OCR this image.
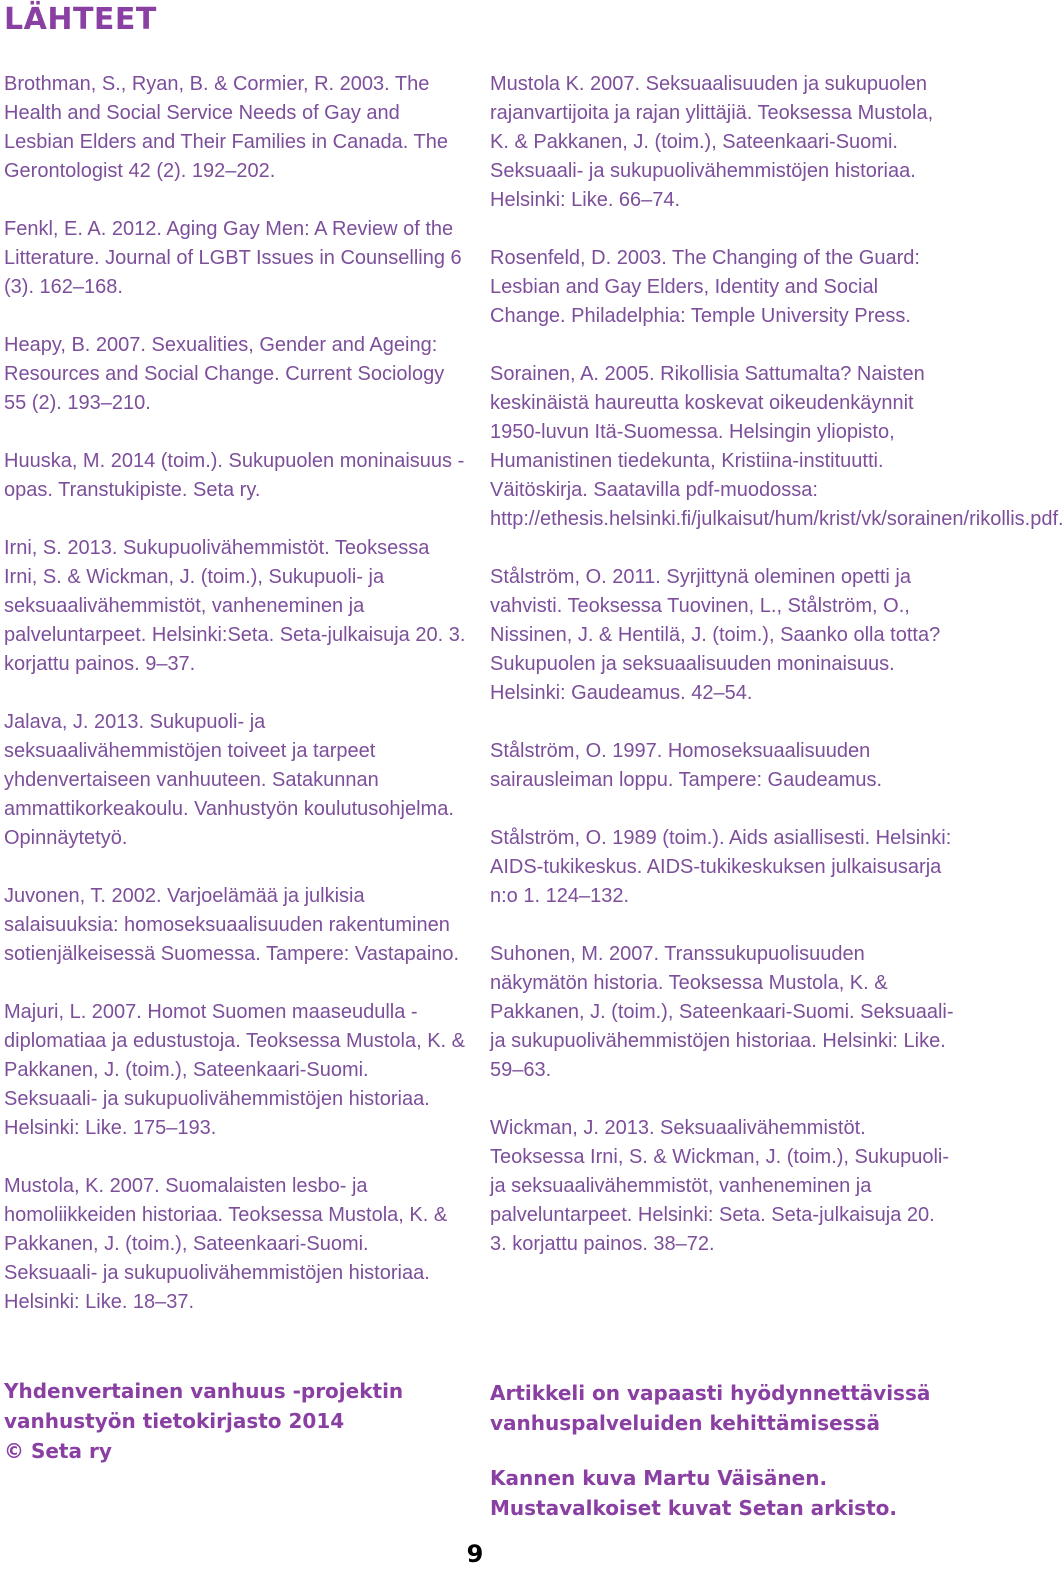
LÄHTEET

Brothman, S., Ryan, B. & Cormier, R. 2003. The Health and Social Service Needs of Gay and Lesbian Elders and Their Families in Canada. The Gerontologist 42 (2). 192–202.

Fenkl, E. A. 2012. Aging Gay Men: A Review of the Litterature. Journal of LGBT Issues in Counselling 6 (3). 162–168.

Heapy, B. 2007. Sexualities, Gender and Ageing: Resources and Social Change. Current Sociology 55 (2). 193–210.

Huuska, M. 2014 (toim.). Sukupuolen moninaisuus -opas. Transtukipiste. Seta ry.

Irni, S. 2013. Sukupuolivähemmistöt. Teoksessa Irni, S. & Wickman, J. (toim.), Sukupuoli- ja seksuaalivähemmistöt, vanheneminen ja palveluntarpeet. Helsinki:Seta. Seta-julkaisuja 20. 3. korjattu painos. 9–37.

Jalava, J. 2013. Sukupuoli- ja seksuaalivähemmistöjen toiveet ja tarpeet yhdenvertaiseen vanhuuteen. Satakunnan ammattikorkeakoulu. Vanhustyön koulutusohjelma. Opinnäytetyö.

Juvonen, T. 2002. Varjoelämää ja julkisia salaisuuksia: homoseksuaalisuuden rakentuminen sotienjälkeisessä Suomessa. Tampere: Vastapaino.

Majuri, L. 2007. Homot Suomen maaseudulla - diplomatiaa ja edustustoja. Teoksessa Mustola, K. & Pakkanen, J. (toim.), Sateenkaari-Suomi. Seksuaali- ja sukupuolivähemmistöjen historiaa. Helsinki: Like. 175–193.

Mustola, K. 2007. Suomalaisten lesbo- ja homoliikkeiden historiaa. Teoksessa Mustola, K. & Pakkanen, J. (toim.), Sateenkaari-Suomi. Seksuaali- ja sukupuolivähemmistöjen historiaa. Helsinki: Like. 18–37.

Mustola K. 2007. Seksuaalisuuden ja sukupuolen rajanvartijoita ja rajan ylittäjiä. Teoksessa Mustola, K. & Pakkanen, J. (toim.), Sateenkaari-Suomi. Seksuaali- ja sukupuolivähemmistöjen historiaa. Helsinki: Like. 66–74.

Rosenfeld, D. 2003. The Changing of the Guard: Lesbian and Gay Elders, Identity and Social Change. Philadelphia: Temple University Press.

Sorainen, A. 2005. Rikollisia Sattumalta? Naisten keskinäistä haureutta koskevat oikeudenkäynnit 1950-luvun Itä-Suomessa. Helsingin yliopisto, Humanistinen tiedekunta, Kristiina-instituutti. Väitöskirja. Saatavilla pdf-muodossa: http://ethesis.helsinki.fi/julkaisut/hum/krist/vk/sorainen/rikollis.pdf.

Stålström, O. 2011. Syrjittynä oleminen opetti ja vahvisti. Teoksessa Tuovinen, L., Stålström, O., Nissinen, J. & Hentilä, J. (toim.), Saanko olla totta? Sukupuolen ja seksuaalisuuden moninaisuus. Helsinki: Gaudeamus. 42–54.

Stålström, O. 1997. Homoseksuaalisuuden sairausleiman loppu. Tampere: Gaudeamus.

Stålström, O. 1989 (toim.). Aids asiallisesti. Helsinki: AIDS-tukikeskus. AIDS-tukikeskuksen julkaisusarja n:o 1. 124–132.

Suhonen, M. 2007. Transsukupuolisuuden näkymätön historia. Teoksessa Mustola, K. & Pakkanen, J. (toim.), Sateenkaari-Suomi. Seksuaali- ja sukupuolivähemmistöjen historiaa. Helsinki: Like. 59–63.

Wickman, J. 2013. Seksuaalivähemmistöt. Teoksessa Irni, S. & Wickman, J. (toim.), Sukupuoli- ja seksuaalivähemmistöt, vanheneminen ja palveluntarpeet. Helsinki: Seta. Seta-julkaisuja 20. 3. korjattu painos. 38–72.

Yhdenvertainen vanhuus -projektin
vanhustyön tietokirjasto 2014
© Seta ry

Artikkeli on vapaasti hyödynnettävissä
vanhuspalveluiden kehittämisessä

Kannen kuva Martu Väisänen.
Mustavalkoiset kuvat Setan arkisto.

9
